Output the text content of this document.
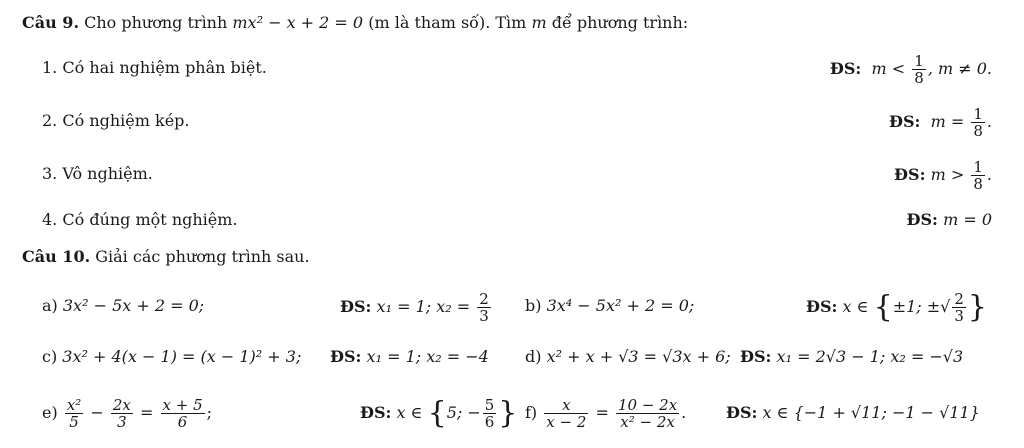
Câu 9. Cho phương trình mx² − x + 2 = 0 (m là tham số). Tìm m để phương trình:
1. Có hai nghiệm phân biệt.	ĐS: $m < \frac{1}{8}$ , m ≠ 0.
2. Có nghiệm kép.	ĐS: $m = \frac{1}{8}$ .
3. Vô nghiệm.	ĐS: $m > \frac{1}{8}$ .
4. Có đúng một nghiệm.	ĐS: m = 0
Câu 10. Giải các phương trình sau.
a) 3x² − 5x + 2 = 0;	ĐS: x₁ = 1; $x_2 = \frac{2}{3} b$) 3x⁴ − 5x² + 2 = 0;	ĐS: x ∈ {±1; ±√ $\frac{2}{3}$ }
c) 3x² + 4(x − 1) = (x − 1)² + 3; ĐS: x₁ = 1; x₂ = −4 d) x² + x + √3 = √3x + 6; ĐS: x₁ = 2√3 − 1; x₂ = −√3
$e) \frac{\text{x²}}{5} - \frac{2x}{3} = \frac{x + 5}{6}$ ;	ĐS: x ∈ {5; − $\frac{5}{6}$ } $f) \frac{x}{x - 2} = \frac{10 - 2x}{\text{x² − 2x}}$ . ĐS: x ∈ {−1 + √11; −1 − √11}
